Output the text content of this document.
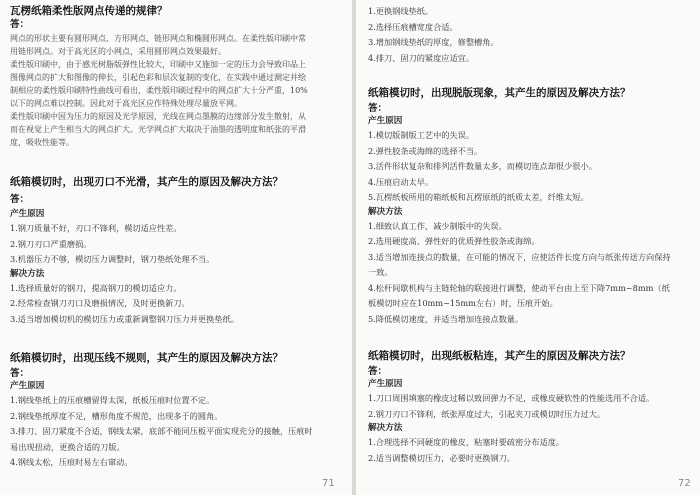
瓦楞纸箱柔性版网点传递的规律？

答：

网点的形状主要有圆形网点、方形网点、链形网点和椭圆形网点。在柔性版印刷中常

用链形网点。对于高光区的小网点，采用圆形网点效果最好。

柔性版印刷中，由于感光树脂版弹性比较大，印刷中又施加一定的压力会导致印品上

图像网点的扩大和图像的伸长，引起色彩和层次复制的变化，在实践中通过测定并绘

制相应的柔性版印刷特性曲线可看出，柔性版印刷过程中的网点扩大十分严重，10%

以下的网点难以控制。因此对于高光区应作特殊处理尽量放平网。

柔性版印刷中因为压力的原因及光学原因，光线在网点墨膜的边缘部分发生散射，从

而在视觉上产生相当大的网点扩大。光学网点扩大取决于油墨的透明度和纸张的平滑

度，吸收性能等。

纸箱模切时，出现刃口不光滑，其产生的原因及解决方法？

答：

产生原因

1.钢刀质量不好，刃口不锋利，模切适应性差。

2.钢刀刃口严重磨损。

3.机器压力不够，模切压力调整时，钢刀垫纸处理不当。

解决方法

1.选择质量好的钢刀，提高钢刀的模切适应力。

2.经常检查钢刀刃口及磨损情况，及时更换新刀。

3.适当增加模切机的模切压力或重新调整钢刀压力并更换垫纸。

纸箱模切时，出现压线不规则，其产生的原因及解决方法？

答：

产生原因

1.钢线垫纸上的压痕槽留得太深，纸板压痕时位置不定。

2.钢线垫纸厚度不足，槽形角度不规范，出现多于的圆角。

3.排刀、固刀紧度不合适，钢线太紧，底部不能同压板平面实现充分的接触，压痕时

易出现扭动，更换合适的刀版。

4.钢线太松，压痕时易左右窜动。

71

1.更换钢线垫纸。

2.选择压痕槽宽度合适。

3.增加钢线垫纸的厚度，修整槽角。

4.排刀、固刀的紧度应适宜。

纸箱模切时，出现脱版现象，其产生的原因及解决方法？

答：

产生原因

1.模切版制版工艺中的失误。

2.弹性胶条或海绵的选择不当。

3.活件形状复杂和排列活件数量太多，而模切连点却很少很小。

4.压痕启动太早。

5.瓦楞纸板所用的箱纸板和瓦楞原纸的纸质太差，纤维太短。

解决方法

1.细致认真工作，减少制版中的失误。

2.选用硬度高、弹性好的优质弹性胶条或海绵。

3.适当增加连接点的数量，在可能的情况下，应使活件长度方向与纸张传送方向保持

一致。

4.松杆间歇机构与主链轮轴的联接进行调整，使动平台由上至下降7mm~8mm（纸

板模切时应在10mm~15mm左右）时，压痕开始。

5.降低模切速度，并适当增加连接点数量。

纸箱模切时，出现纸板粘连，其产生的原因及解决方法？

答：

产生原因

1.刀口周围填塞的橡皮过稀以致回弹力不足，或橡皮硬软性的性能选用不合适。

2.钢刀刃口不锋利，纸张厚度过大，引起夹刀或模切时压力过大。

解决方法

1.合理选择不同硬度的橡皮，粘塞时要疏密分布适度。

2.适当调整模切压力，必要时更换钢刀。

72
